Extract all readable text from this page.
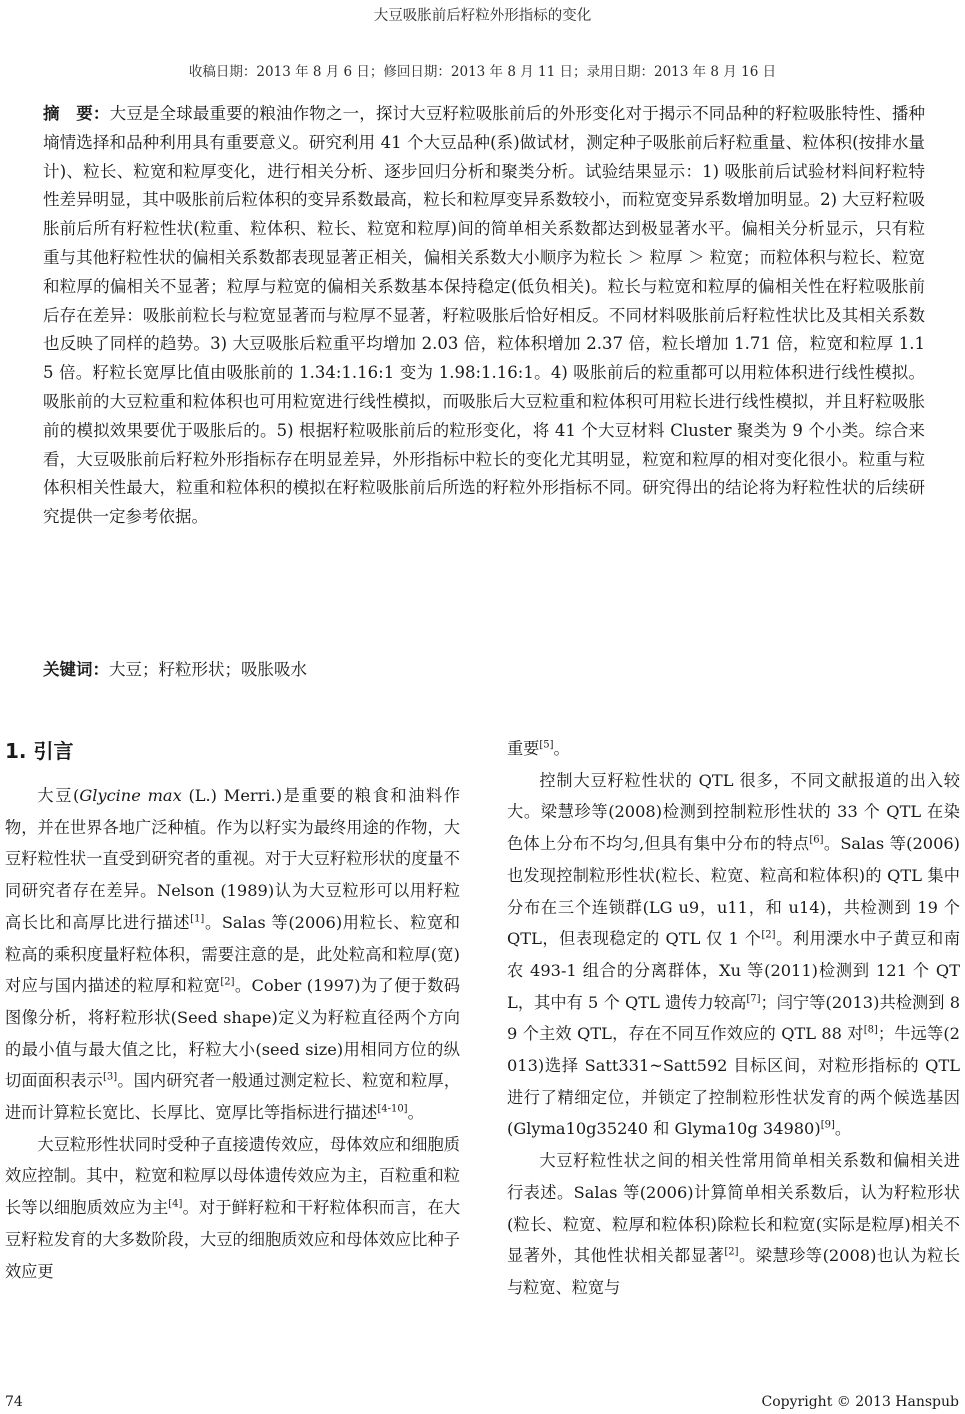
大豆吸胀前后籽粒外形指标的变化
收稿日期：2013 年 8 月 6 日；修回日期：2013 年 8 月 11 日；录用日期：2013 年 8 月 16 日
摘　要：大豆是全球最重要的粮油作物之一，探讨大豆籽粒吸胀前后的外形变化对于揭示不同品种的籽粒吸胀特性、播种墒情选择和品种利用具有重要意义。研究利用 41 个大豆品种(系)做试材，测定种子吸胀前后籽粒重量、粒体积(按排水量计)、粒长、粒宽和粒厚变化，进行相关分析、逐步回归分析和聚类分析。试验结果显示：1) 吸胀前后试验材料间籽粒特性差异明显，其中吸胀前后粒体积的变异系数最高，粒长和粒厚变异系数较小，而粒宽变异系数增加明显。2) 大豆籽粒吸胀前后所有籽粒性状(粒重、粒体积、粒长、粒宽和粒厚)间的简单相关系数都达到极显著水平。偏相关分析显示，只有粒重与其他籽粒性状的偏相关系数都表现显著正相关，偏相关系数大小顺序为粒长 ＞ 粒厚 ＞ 粒宽；而粒体积与粒长、粒宽和粒厚的偏相关不显著；粒厚与粒宽的偏相关系数基本保持稳定(低负相关)。粒长与粒宽和粒厚的偏相关性在籽粒吸胀前后存在差异：吸胀前粒长与粒宽显著而与粒厚不显著，籽粒吸胀后恰好相反。不同材料吸胀前后籽粒性状比及其相关系数也反映了同样的趋势。3) 大豆吸胀后粒重平均增加 2.03 倍，粒体积增加 2.37 倍，粒长增加 1.71 倍，粒宽和粒厚 1.15 倍。籽粒长宽厚比值由吸胀前的 1.34:1.16:1 变为 1.98:1.16:1。4) 吸胀前后的粒重都可以用粒体积进行线性模拟。吸胀前的大豆粒重和粒体积也可用粒宽进行线性模拟，而吸胀后大豆粒重和粒体积可用粒长进行线性模拟，并且籽粒吸胀前的模拟效果要优于吸胀后的。5) 根据籽粒吸胀前后的粒形变化，将 41 个大豆材料 Cluster 聚类为 9 个小类。综合来看，大豆吸胀前后籽粒外形指标存在明显差异，外形指标中粒长的变化尤其明显，粒宽和粒厚的相对变化很小。粒重与粒体积相关性最大，粒重和粒体积的模拟在籽粒吸胀前后所选的籽粒外形指标不同。研究得出的结论将为籽粒性状的后续研究提供一定参考依据。
关键词：大豆；籽粒形状；吸胀吸水
1. 引言

大豆(Glycine max (L.) Merri.)是重要的粮食和油料作物，并在世界各地广泛种植。作为以籽实为最终用途的作物，大豆籽粒性状一直受到研究者的重视。对于大豆籽粒形状的度量不同研究者存在差异。Nelson (1989)认为大豆粒形可以用籽粒高长比和高厚比进行描述[1]。Salas 等(2006)用粒长、粒宽和粒高的乘积度量籽粒体积，需要注意的是，此处粒高和粒厚(宽)对应与国内描述的粒厚和粒宽[2]。Cober (1997)为了便于数码图像分析，将籽粒形状(Seed shape)定义为籽粒直径两个方向的最小值与最大值之比，籽粒大小(seed size)用相同方位的纵切面面积表示[3]。国内研究者一般通过测定粒长、粒宽和粒厚，进而计算粒长宽比、长厚比、宽厚比等指标进行描述[4-10]。

大豆粒形性状同时受种子直接遗传效应，母体效应和细胞质效应控制。其中，粒宽和粒厚以母体遗传效应为主，百粒重和粒长等以细胞质效应为主[4]。对于鲜籽粒和干籽粒体积而言，在大豆籽粒发育的大多数阶段，大豆的细胞质效应和母体效应比种子效应更

重要[5]。

控制大豆籽粒性状的 QTL 很多，不同文献报道的出入较大。梁慧珍等(2008)检测到控制粒形性状的 33 个 QTL 在染色体上分布不均匀,但具有集中分布的特点[6]。Salas 等(2006)也发现控制粒形性状(粒长、粒宽、粒高和粒体积)的 QTL 集中分布在三个连锁群(LG u9，u11，和 u14)，共检测到 19 个 QTL，但表现稳定的 QTL 仅 1 个[2]。利用溧水中子黄豆和南农 493-1 组合的分离群体，Xu 等(2011)检测到 121 个 QTL，其中有 5 个 QTL 遗传力较高[7]；闫宁等(2013)共检测到 89 个主效 QTL，存在不同互作效应的 QTL 88 对[8]；牛远等(2013)选择 Satt331~Satt592 目标区间，对粒形指标的 QTL 进行了精细定位，并锁定了控制粒形性状发育的两个候选基因(Glyma10g35240 和 Glyma10g 34980)[9]。

大豆籽粒性状之间的相关性常用简单相关系数和偏相关进行表述。Salas 等(2006)计算简单相关系数后，认为籽粒形状(粒长、粒宽、粒厚和粒体积)除粒长和粒宽(实际是粒厚)相关不显著外，其他性状相关都显著[2]。梁慧珍等(2008)也认为粒长与粒宽、粒宽与

74	Copyright © 2013 Hanspub
